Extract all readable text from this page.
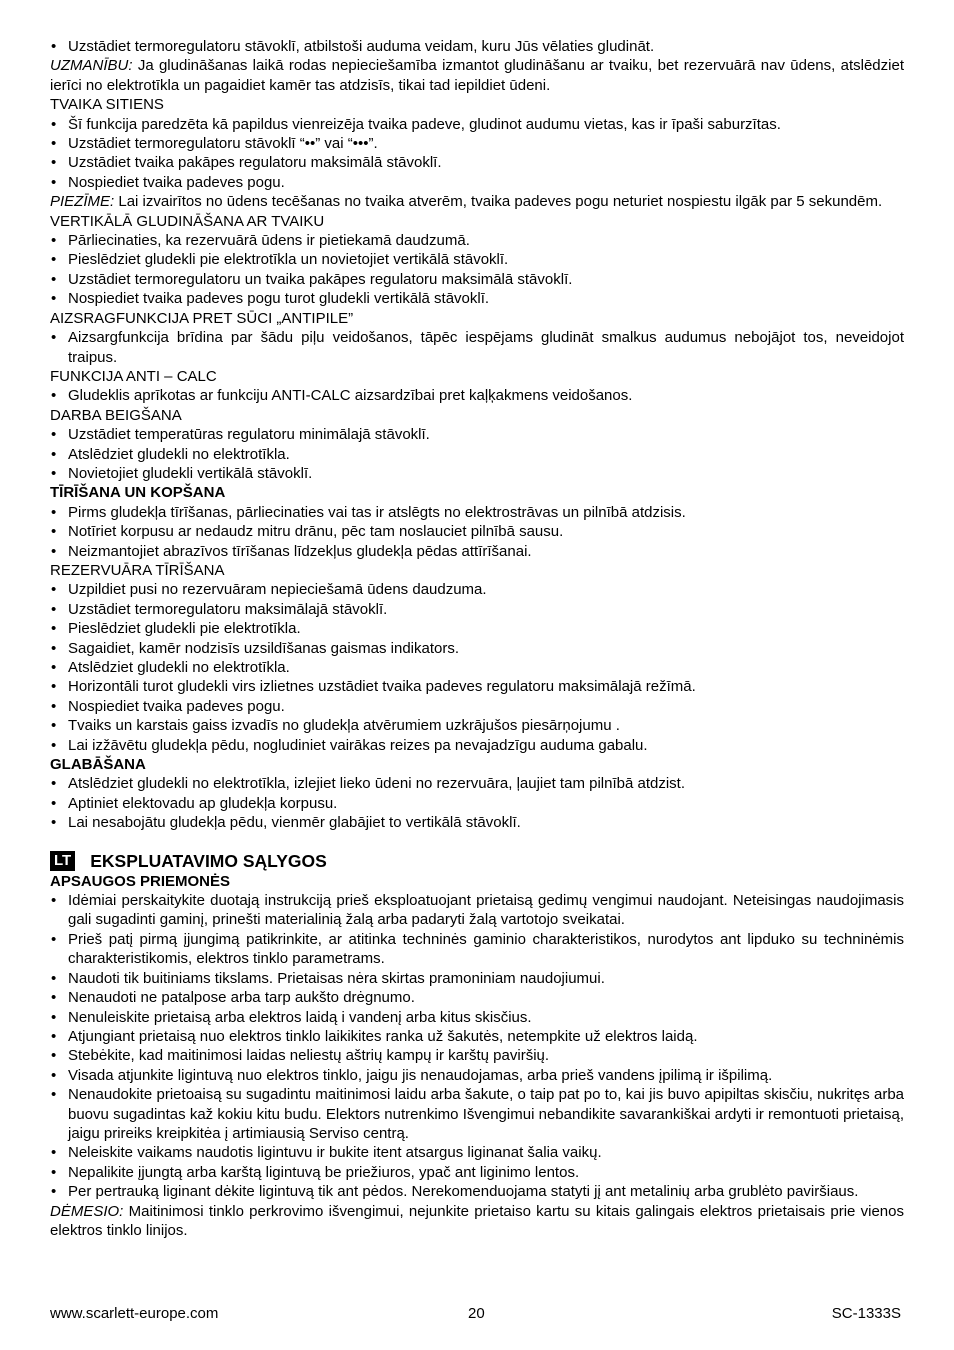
• Uzstādiet termoregulatoru stāvoklī, atbilstoši auduma veidam, kuru Jūs vēlaties gludināt.
UZMANĪBU: Ja gludināšanas laikā rodas nepieciešamība izmantot gludināšanu ar tvaiku, bet rezervuārā nav ūdens, atslēdziet ierīci no elektrotīkla un pagaidiet kamēr tas atdzisīs, tikai tad iepildiet ūdeni.
TVAIKA SITIENS
• Šī funkcija paredzēta kā papildus vienreizēja tvaika padeve, gludinot audumu vietas, kas ir īpaši saburzītas.
• Uzstādiet termoregulatoru stāvoklī “••” vai “•••”.
• Uzstādiet tvaika pakāpes regulatoru maksimālā stāvoklī.
• Nospiediet tvaika padeves pogu.
PIEZĪME: Lai izvairītos no ūdens tecēšanas no tvaika atverēm, tvaika padeves pogu neturiet nospiestu ilgāk par 5 sekundēm.
VERTIKĀLĀ GLUDINĀŠANA AR TVAIKU
• Pārliecinaties, ka rezervuārā ūdens ir pietiekamā daudzumā.
• Pieslēdziet gludekli pie elektrotīkla un novietojiet vertikālā stāvoklī.
• Uzstādiet termoregulatoru un tvaika pakāpes regulatoru maksimālā stāvoklī.
• Nospiediet tvaika padeves pogu turot gludekli vertikālā stāvoklī.
AIZSRAGFUNKCIJA PRET SŪCI „ANTIPILE”
• Aizsargfunkcija brīdina par šādu piļu veidošanos, tāpēc iespējams gludināt smalkus audumus nebojājot tos, neveidojot traipus.
FUNKCIJA ANTI – CALC
• Gludeklis aprīkotas ar funkciju ANTI-CALC aizsardzībai pret kaļķakmens veidošanos.
DARBA BEIGŠANA
• Uzstādiet temperatūras regulatoru minimālajā stāvoklī.
• Atslēdziet gludekli no elektrotīkla.
• Novietojiet gludekli vertikālā stāvoklī.
TĪRĪŠANA UN KOPŠANA
• Pirms gludekļa tīrīšanas, pārliecinaties vai tas ir atslēgts no elektrostrāvas un pilnībā atdzisis.
• Notīriet korpusu ar nedaudz mitru drānu, pēc tam noslauciet pilnībā sausu.
• Neizmantojiet abrazīvos tīrīšanas līdzekļus gludekļa pēdas attīrīšanai.
REZERVUĀRA TĪRĪŠANA
• Uzpildiet pusi no rezervuāram nepieciešamā ūdens daudzuma.
• Uzstādiet termoregulatoru maksimālajā stāvoklī.
• Pieslēdziet gludekli pie elektrotīkla.
• Sagaidiet, kamēr nodzisīs uzsildīšanas gaismas indikators.
• Atslēdziet gludekli no elektrotīkla.
• Horizontāli turot gludekli virs izlietnes uzstādiet tvaika padeves regulatoru maksimālajā režīmā.
• Nospiediet tvaika padeves pogu.
• Tvaiks un karstais gaiss izvadīs no gludekļa atvērumiem uzkrājušos piesārņojumu .
• Lai izžāvētu gludekļa pēdu, nogludiniet vairākas reizes pa nevajadzīgu auduma gabalu.
GLABĀŠANA
• Atslēdziet gludekli no elektrotīkla, izlejiet lieko ūdeni no rezervuāra, ļaujiet tam pilnībā atdzist.
• Aptiniet elektovadu ap gludekļa korpusu.
• Lai nesabojātu gludekļa pēdu, vienmēr glabājiet to vertikālā stāvoklī.
LT EKSPLUATAVIMO SĄLYGOS
APSAUGOS PRIEMONĖS
• Idėmiai perskaitykite duotają instrukciją prieš eksploatuojant prietaisą gedimų vengimui naudojant. Neteisingas naudojimasis gali sugadinti gaminį, prinešti materialinią žalą arba padaryti žalą vartotojo sveikatai.
• Prieš patį pirmą įjungimą patikrinkite, ar atitinka techninės gaminio charakteristikos, nurodytos ant lipduko su techninėmis charakteristikomis, elektros tinklo parametrams.
• Naudoti tik buitiniams tikslams. Prietaisas nėra skirtas pramoniniam naudojiumui.
• Nenaudoti ne patalpose arba tarp aukšto drėgnumo.
• Nenuleiskite prietaisą arba elektros laidą i vandenį arba kitus skisčius.
• Atjungiant prietaisą nuo elektros tinklo laikikites ranka už šakutės, netempkite už elektros laidą.
• Stebėkite, kad maitinimosi laidas neliestų aštrių kampų ir karštų paviršių.
• Visada atjunkite ligintuvą nuo elektros tinklo, jaigu jis nenaudojamas, arba prieš vandens įpilimą ir išpilimą.
• Nenaudokite prietoaisą su sugadintu maitinimosi laidu arba šakute, o taip pat po to, kai jis buvo apipiltas skisčiu, nukritęs arba buovu sugadintas kaž kokiu kitu budu. Elektors nutrenkimo Išvengimui nebandikite savarankiškai ardyti ir remontuoti prietaisą, jaigu prireiks kreipkitėa į artimiausią Serviso centrą.
• Neleiskite vaikams naudotis ligintuvu ir bukite itent atsargus liginanat šalia vaikų.
• Nepalikite įjungtą arba karštą ligintuvą be priežiuros, ypač ant liginimo lentos.
• Per pertrauką liginant dėkite ligintuvą tik ant pėdos. Nerekomenduojama statyti jį ant metalinių arba grublėto paviršiaus.
DĖMESIO: Maitinimosi tinklo perkrovimo išvengimui, nejunkite prietaiso kartu su kitais galingais elektros prietaisais prie vienos elektros tinklo linijos.
www.scarlett-europe.com	20	SC-1333S
